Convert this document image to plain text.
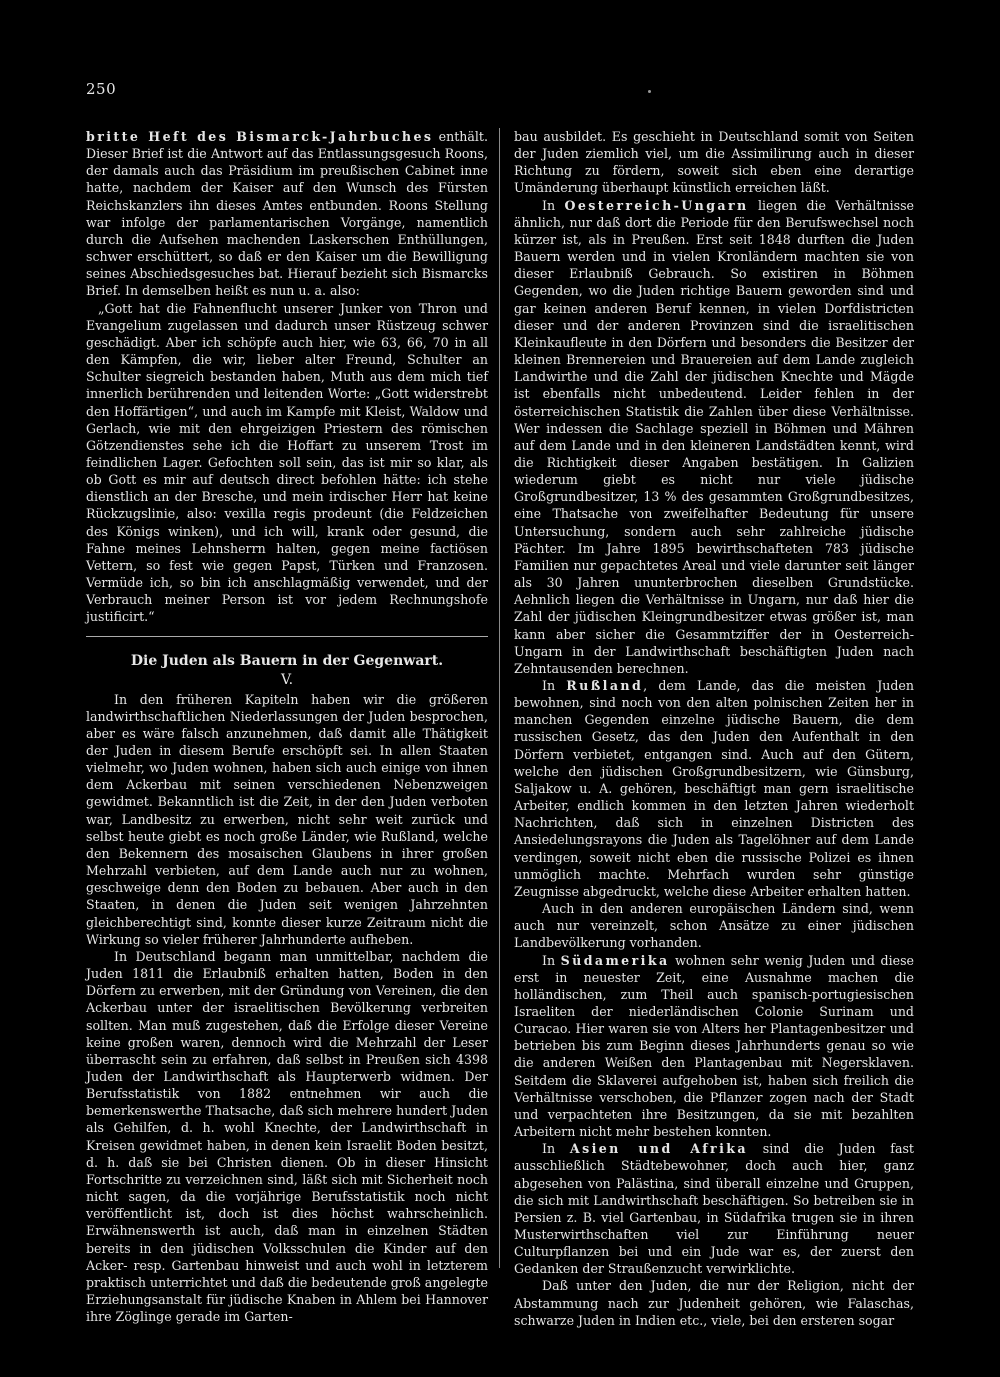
250

britte Heft des Bismarck-Jahrbuches enthält. Dieser Brief ist die Antwort auf das Entlassungsgesuch Roons, der damals auch das Präsidium im preußischen Cabinet inne hatte, nachdem der Kaiser auf den Wunsch des Fürsten Reichskanzlers ihn dieses Amtes entbunden. Roons Stellung war infolge der parlamentarischen Vorgänge, namentlich durch die Aufsehen machenden Laskerschen Enthüllungen, schwer erschüttert, so daß er den Kaiser um die Bewilligung seines Abschiedsgesuches bat. Hierauf bezieht sich Bismarcks Brief. In demselben heißt es nun u. a. also:

„Gott hat die Fahnenflucht unserer Junker von Thron und Evangelium zugelassen und dadurch unser Rüstzeug schwer geschädigt. Aber ich schöpfe auch hier, wie 63, 66, 70 in all den Kämpfen, die wir, lieber alter Freund, Schulter an Schulter siegreich bestanden haben, Muth aus dem mich tief innerlich berührenden und leitenden Worte: „Gott widerstrebt den Hoffärtigen“, und auch im Kampfe mit Kleist, Waldow und Gerlach, wie mit den ehrgeizigen Priestern des römischen Götzendienstes sehe ich die Hoffart zu unserem Trost im feindlichen Lager. Gefochten soll sein, das ist mir so klar, als ob Gott es mir auf deutsch direct befohlen hätte: ich stehe dienstlich an der Bresche, und mein irdischer Herr hat keine Rückzugslinie, also: vexilla regis prodeunt (die Feldzeichen des Königs winken), und ich will, krank oder gesund, die Fahne meines Lehnsherrn halten, gegen meine factiösen Vettern, so fest wie gegen Papst, Türken und Franzosen. Vermüde ich, so bin ich anschlagmäßig verwendet, und der Verbrauch meiner Person ist vor jedem Rechnungshofe justificirt.“

Die Juden als Bauern in der Gegenwart.
V.

In den früheren Kapiteln haben wir die größeren landwirthschaftlichen Niederlassungen der Juden besprochen, aber es wäre falsch anzunehmen, daß damit alle Thätigkeit der Juden in diesem Berufe erschöpft sei. In allen Staaten vielmehr, wo Juden wohnen, haben sich auch einige von ihnen dem Ackerbau mit seinen verschiedenen Nebenzweigen gewidmet. Bekanntlich ist die Zeit, in der den Juden verboten war, Landbesitz zu erwerben, nicht sehr weit zurück und selbst heute giebt es noch große Länder, wie Rußland, welche den Bekennern des mosaischen Glaubens in ihrer großen Mehrzahl verbieten, auf dem Lande auch nur zu wohnen, geschweige denn den Boden zu bebauen. Aber auch in den Staaten, in denen die Juden seit wenigen Jahrzehnten gleichberechtigt sind, konnte dieser kurze Zeitraum nicht die Wirkung so vieler früherer Jahrhunderte aufheben.

In Deutschland begann man unmittelbar, nachdem die Juden 1811 die Erlaubniß erhalten hatten, Boden in den Dörfern zu erwerben, mit der Gründung von Vereinen, die den Ackerbau unter der israelitischen Bevölkerung verbreiten sollten. Man muß zugestehen, daß die Erfolge dieser Vereine keine großen waren, dennoch wird die Mehrzahl der Leser überrascht sein zu erfahren, daß selbst in Preußen sich 4398 Juden der Landwirthschaft als Haupterwerb widmen. Der Berufsstatistik von 1882 entnehmen wir auch die bemerkenswerthe Thatsache, daß sich mehrere hundert Juden als Gehilfen, d. h. wohl Knechte, der Landwirthschaft in Kreisen gewidmet haben, in denen kein Israelit Boden besitzt, d. h. daß sie bei Christen dienen. Ob in dieser Hinsicht Fortschritte zu verzeichnen sind, läßt sich mit Sicherheit noch nicht sagen, da die vorjährige Berufsstatistik noch nicht veröffentlicht ist, doch ist dies höchst wahrscheinlich. Erwähnenswerth ist auch, daß man in einzelnen Städten bereits in den jüdischen Volksschulen die Kinder auf den Acker- resp. Gartenbau hinweist und auch wohl in letzterem praktisch unterrichtet und daß die bedeutende groß angelegte Erziehungsanstalt für jüdische Knaben in Ahlem bei Hannover ihre Zöglinge gerade im Garten-

bau ausbildet. Es geschieht in Deutschland somit von Seiten der Juden ziemlich viel, um die Assimilirung auch in dieser Richtung zu fördern, soweit sich eben eine derartige Umänderung überhaupt künstlich erreichen läßt.

In Oesterreich-Ungarn liegen die Verhältnisse ähnlich, nur daß dort die Periode für den Berufswechsel noch kürzer ist, als in Preußen. Erst seit 1848 durften die Juden Bauern werden und in vielen Kronländern machten sie von dieser Erlaubniß Gebrauch. So existiren in Böhmen Gegenden, wo die Juden richtige Bauern geworden sind und gar keinen anderen Beruf kennen, in vielen Dorfdistricten dieser und der anderen Provinzen sind die israelitischen Kleinkaufleute in den Dörfern und besonders die Besitzer der kleinen Brennereien und Brauereien auf dem Lande zugleich Landwirthe und die Zahl der jüdischen Knechte und Mägde ist ebenfalls nicht unbedeutend. Leider fehlen in der österreichischen Statistik die Zahlen über diese Verhältnisse. Wer indessen die Sachlage speziell in Böhmen und Mähren auf dem Lande und in den kleineren Landstädten kennt, wird die Richtigkeit dieser Angaben bestätigen. In Galizien wiederum giebt es nicht nur viele jüdische Großgrundbesitzer, 13 % des gesammten Großgrundbesitzes, eine Thatsache von zweifelhafter Bedeutung für unsere Untersuchung, sondern auch sehr zahlreiche jüdische Pächter. Im Jahre 1895 bewirthschafteten 783 jüdische Familien nur gepachtetes Areal und viele darunter seit länger als 30 Jahren ununterbrochen dieselben Grundstücke. Aehnlich liegen die Verhältnisse in Ungarn, nur daß hier die Zahl der jüdischen Kleingrundbesitzer etwas größer ist, man kann aber sicher die Gesammtziffer der in Oesterreich-Ungarn in der Landwirthschaft beschäftigten Juden nach Zehntausenden berechnen.

In Rußland, dem Lande, das die meisten Juden bewohnen, sind noch von den alten polnischen Zeiten her in manchen Gegenden einzelne jüdische Bauern, die dem russischen Gesetz, das den Juden den Aufenthalt in den Dörfern verbietet, entgangen sind. Auch auf den Gütern, welche den jüdischen Großgrundbesitzern, wie Günsburg, Saljakow u. A. gehören, beschäftigt man gern israelitische Arbeiter, endlich kommen in den letzten Jahren wiederholt Nachrichten, daß sich in einzelnen Districten des Ansiedelungsrayons die Juden als Tagelöhner auf dem Lande verdingen, soweit nicht eben die russische Polizei es ihnen unmöglich machte. Mehrfach wurden sehr günstige Zeugnisse abgedruckt, welche diese Arbeiter erhalten hatten.

Auch in den anderen europäischen Ländern sind, wenn auch nur vereinzelt, schon Ansätze zu einer jüdischen Landbevölkerung vorhanden.

In Südamerika wohnen sehr wenig Juden und diese erst in neuester Zeit, eine Ausnahme machen die holländischen, zum Theil auch spanisch-portugiesischen Israeliten der niederländischen Colonie Surinam und Curacao. Hier waren sie von Alters her Plantagenbesitzer und betrieben bis zum Beginn dieses Jahrhunderts genau so wie die anderen Weißen den Plantagenbau mit Negersklaven. Seitdem die Sklaverei aufgehoben ist, haben sich freilich die Verhältnisse verschoben, die Pflanzer zogen nach der Stadt und verpachteten ihre Besitzungen, da sie mit bezahlten Arbeitern nicht mehr bestehen konnten.

In Asien und Afrika sind die Juden fast ausschließlich Städtebewohner, doch auch hier, ganz abgesehen von Palästina, sind überall einzelne und Gruppen, die sich mit Landwirthschaft beschäftigen. So betreiben sie in Persien z. B. viel Gartenbau, in Südafrika trugen sie in ihren Musterwirthschaften viel zur Einführung neuer Culturpflanzen bei und ein Jude war es, der zuerst den Gedanken der Straußenzucht verwirklichte.

Daß unter den Juden, die nur der Religion, nicht der Abstammung nach zur Judenheit gehören, wie Falaschas, schwarze Juden in Indien etc., viele, bei den ersteren sogar
